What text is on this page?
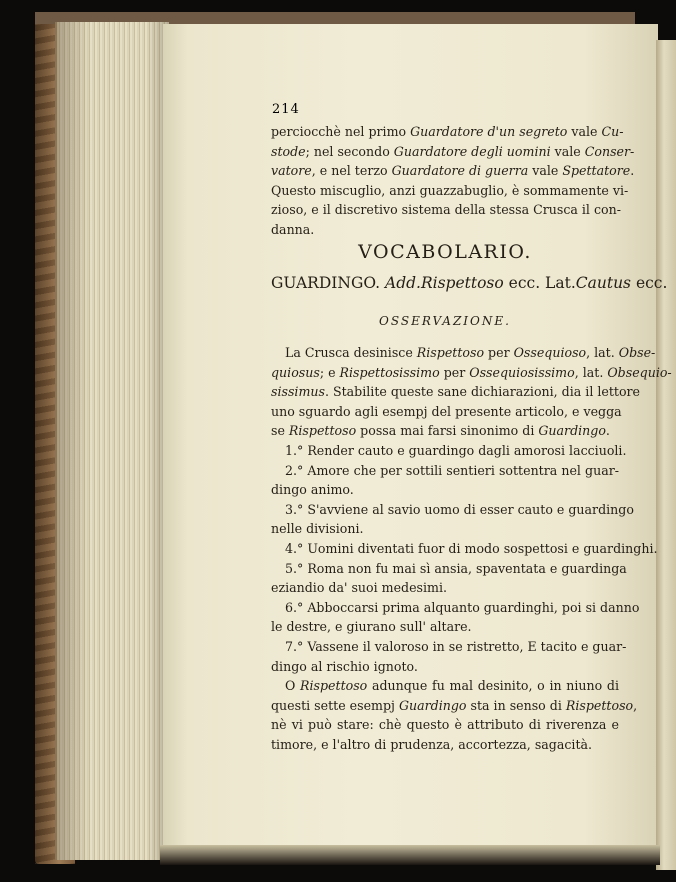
214
perciocchè nel primo Guardatore d'un segreto vale Cu-
stode; nel secondo Guardatore degli uomini vale Conser-
vatore, e nel terzo Guardatore di guerra vale Spettatore.
Questo miscuglio, anzi guazzabuglio, è sommamente vi-
zioso, e il discretivo sistema della stessa Crusca il con-
danna.
VOCABOLARIO.
GUARDINGO. Add.Rispettoso ecc. Lat.Cautus ecc.
OSSERVAZIONE.
La Crusca desinisce Rispettoso per Ossequioso, lat. Obse-
quiosus; e Rispettosissimo per Ossequiosissimo, lat. Obsequio-
sissimus. Stabilite queste sane dichiarazioni, dia il lettore
uno sguardo agli esempj del presente articolo, e vegga
se Rispettoso possa mai farsi sinonimo di Guardingo.
1.° Render cauto e guardingo dagli amorosi lacciuoli.
2.° Amore che per sottili sentieri sottentra nel guar-
dingo animo.
3.° S'avviene al savio uomo di esser cauto e guardingo
nelle divisioni.
4.° Uomini diventati fuor di modo sospettosi e guardinghi.
5.° Roma non fu mai sì ansia, spaventata e guardinga
eziandio da' suoi medesimi.
6.° Abboccarsi prima alquanto guardinghi, poi si danno
le destre, e giurano sull' altare.
7.° Vassene il valoroso in se ristretto, E tacito e guar-
dingo al rischio ignoto.
O Rispettoso adunque fu mal desinito, o in niuno di
questi sette esempj Guardingo sta in senso di Rispettoso,
nè vi può stare: chè questo è attributo di riverenza e
timore, e l'altro di prudenza, accortezza, sagacità.
